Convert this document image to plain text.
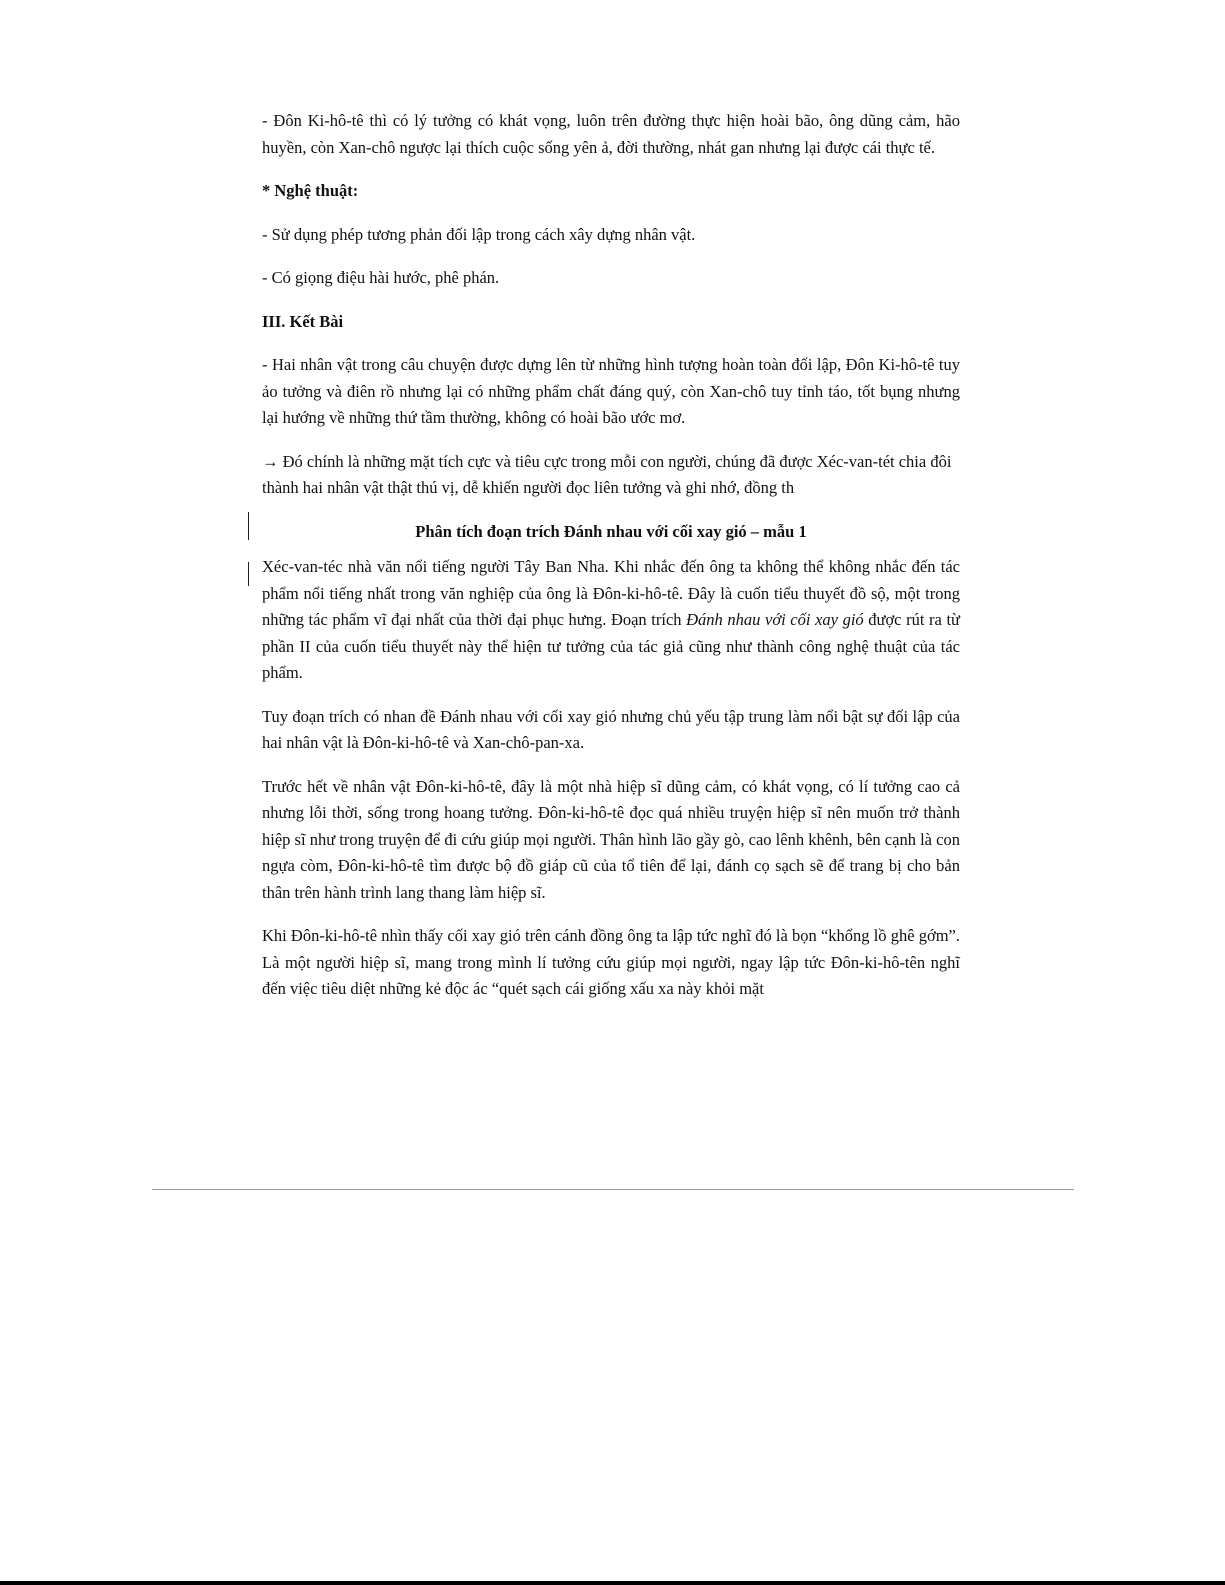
- Đôn Ki-hô-tê thì có lý tưởng có khát vọng, luôn trên đường thực hiện hoài bão, ông dũng cảm, hão huyền, còn Xan-chô ngược lại thích cuộc sống yên ả, đời thường, nhát gan nhưng lại được cái thực tế.

* Nghệ thuật:

- Sử dụng phép tương phản đối lập trong cách xây dựng nhân vật.

- Có giọng điệu hài hước, phê phán.

III. Kết Bài

- Hai nhân vật trong câu chuyện được dựng lên từ những hình tượng hoàn toàn đối lập, Đôn Ki-hô-tê tuy ảo tưởng và điên rồ nhưng lại có những phẩm chất đáng quý, còn Xan-chô tuy tỉnh táo, tốt bụng nhưng lại hướng về những thứ tầm thường, không có hoài bão ước mơ.

→ Đó chính là những mặt tích cực và tiêu cực trong mỗi con người, chúng đã được Xéc-van-tét chia đôi thành hai nhân vật thật thú vị, dễ khiến người đọc liên tưởng và ghi nhớ, đồng th

Phân tích đoạn trích Đánh nhau với cối xay gió – mẫu 1

Xéc-van-téc nhà văn nổi tiếng người Tây Ban Nha. Khi nhắc đến ông ta không thể không nhắc đến tác phẩm nổi tiếng nhất trong văn nghiệp của ông là Đôn-ki-hô-tê. Đây là cuốn tiểu thuyết đồ sộ, một trong những tác phẩm vĩ đại nhất của thời đại phục hưng. Đoạn trích Đánh nhau với cối xay gió được rút ra từ phần II của cuốn tiểu thuyết này thể hiện tư tưởng của tác giả cũng như thành công nghệ thuật của tác phẩm.

Tuy đoạn trích có nhan đề Đánh nhau với cối xay gió nhưng chủ yếu tập trung làm nổi bật sự đối lập của hai nhân vật là Đôn-ki-hô-tê và Xan-chô-pan-xa.

Trước hết về nhân vật Đôn-ki-hô-tê, đây là một nhà hiệp sĩ dũng cảm, có khát vọng, có lí tưởng cao cả nhưng lỗi thời, sống trong hoang tưởng. Đôn-ki-hô-tê đọc quá nhiều truyện hiệp sĩ nên muốn trở thành hiệp sĩ như trong truyện để đi cứu giúp mọi người. Thân hình lão gầy gò, cao lênh khênh, bên cạnh là con ngựa còm, Đôn-ki-hô-tê tìm được bộ đồ giáp cũ của tổ tiên để lại, đánh cọ sạch sẽ để trang bị cho bản thân trên hành trình lang thang làm hiệp sĩ.

Khi Đôn-ki-hô-tê nhìn thấy cối xay gió trên cánh đồng ông ta lập tức nghĩ đó là bọn “khổng lồ ghê gớm”. Là một người hiệp sĩ, mang trong mình lí tưởng cứu giúp mọi người, ngay lập tức Đôn-ki-hô-tên nghĩ đến việc tiêu diệt những kẻ độc ác “quét sạch cái giống xấu xa này khỏi mặt
